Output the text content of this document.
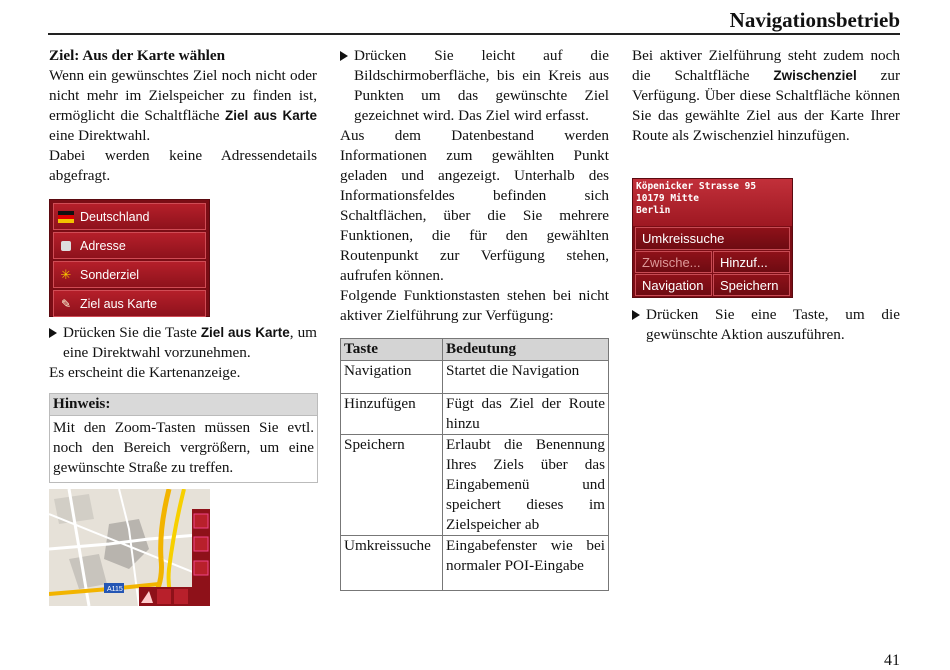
Navigationsbetrieb

Ziel: Aus der Karte wählen

Wenn ein gewünschtes Ziel noch nicht oder nicht mehr im Zielspeicher zu finden ist, ermöglicht die Schaltfläche Ziel aus Karte eine Direktwahl.

Dabei werden keine Adressendetails abgefragt.

Deutschland
Adresse
✳ Sonderziel
✎ Ziel aus Karte

Drücken Sie die Taste Ziel aus Karte, um eine Direktwahl vorzunehmen.

Es erscheint die Kartenanzeige.

Hinweis:
Mit den Zoom-Tasten müssen Sie evtl. noch den Bereich vergrößern, um eine gewünschte Straße zu treffen.
A115

Drücken Sie leicht auf die Bildschirmoberfläche, bis ein Kreis aus Punkten um das gewünschte Ziel gezeichnet wird. Das Ziel wird erfasst.

Aus dem Datenbestand werden Informationen zum gewählten Punkt geladen und angezeigt. Unterhalb des Informationsfeldes befinden sich Schaltflächen, über die Sie mehrere Funktionen, die für den gewählten Routenpunkt zur Verfügung stehen, aufrufen können.

Folgende Funktionstasten stehen bei nicht aktiver Zielführung zur Verfügung:

Taste	Bedeutung
Navigation	Startet die Navigation
Hinzufügen	Fügt das Ziel der Route hinzu
Speichern	Erlaubt die Benennung Ihres Ziels über das Eingabemenü und speichert dieses im Zielspeicher ab
Umkreissuche	Eingabefenster wie bei normaler POI-Eingabe

Bei aktiver Zielführung steht zudem noch die Schaltfläche Zwischenziel zur Verfügung. Über diese Schaltfläche können Sie das gewählte Ziel aus der Karte Ihrer Route als Zwischenziel hinzufügen.

Köpenicker Strasse 95
10179 Mitte
Berlin
Umkreissuche
Zwische...	Hinzuf...
Navigation	Speichern

Drücken Sie eine Taste, um die gewünschte Aktion auszuführen.

41
